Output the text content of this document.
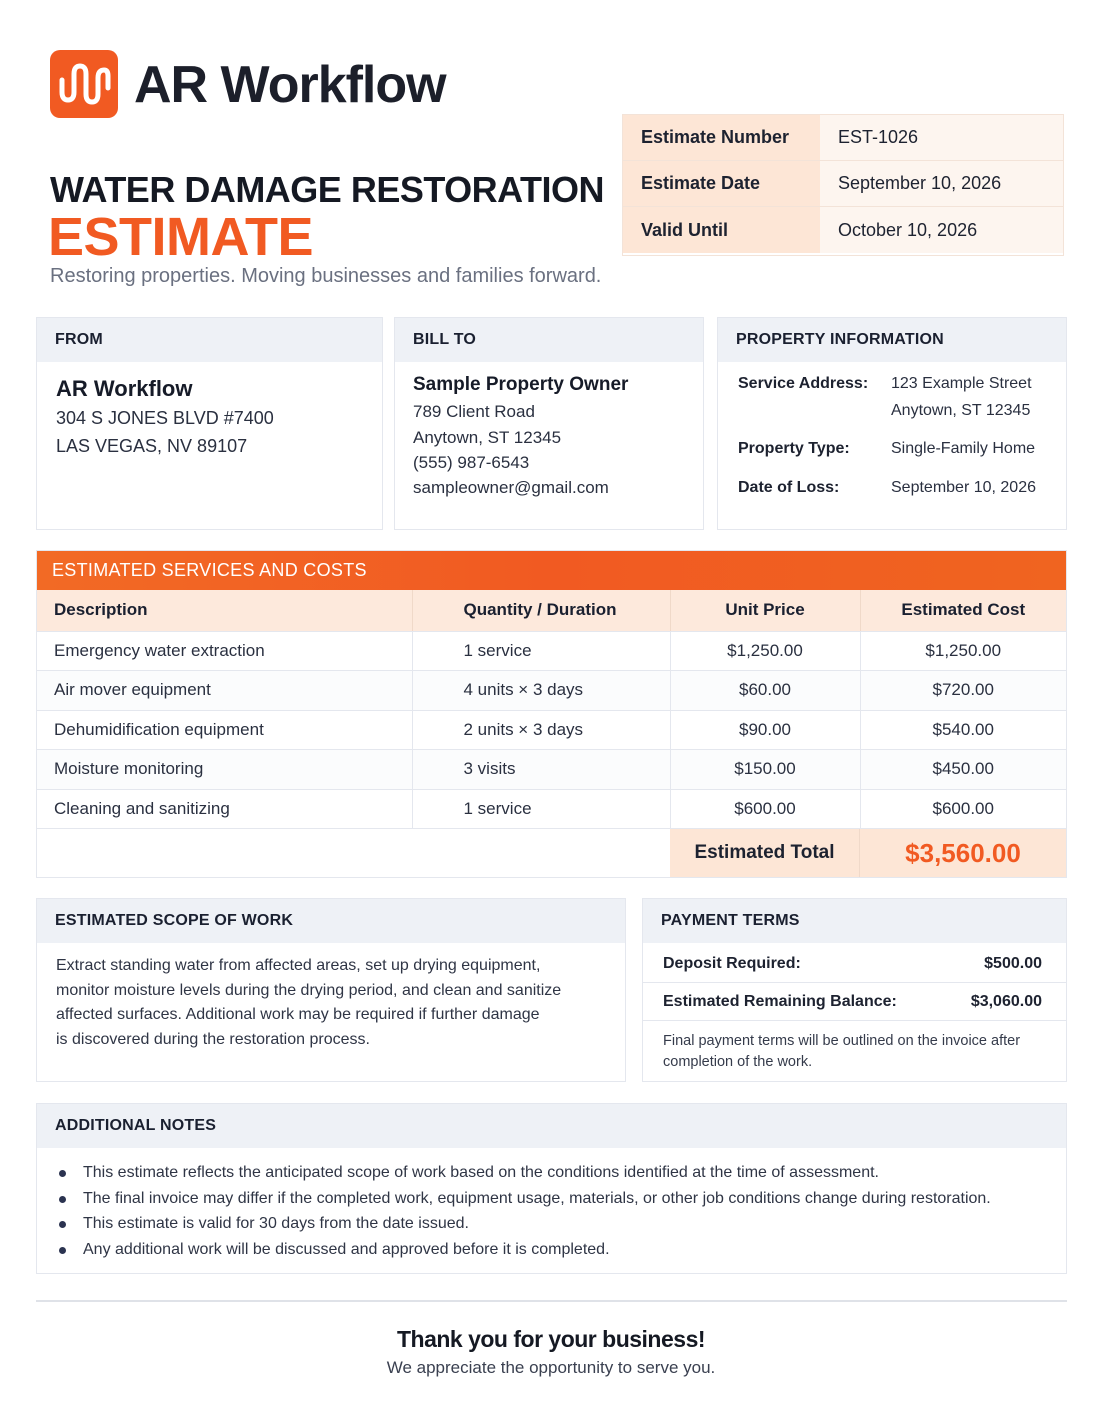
AR Workflow
WATER DAMAGE RESTORATION
ESTIMATE
Restoring properties. Moving businesses and families forward.
Estimate Number	EST-1026
Estimate Date	September 10, 2026
Valid Until	October 10, 2026
FROM
AR Workflow
304 S JONES BLVD #7400
LAS VEGAS, NV 89107
BILL TO
Sample Property Owner
789 Client Road
Anytown, ST 12345
(555) 987-6543
sampleowner@gmail.com
PROPERTY INFORMATION
Service Address: 123 Example Street
Anytown, ST 12345
Property Type:	Single-Family Home
Date of Loss:	September 10, 2026
ESTIMATED SERVICES AND COSTS
Description	Quantity / Duration	Unit Price	Estimated Cost
Emergency water extraction	1 service	$1,250.00	$1,250.00
Air mover equipment	4 units × 3 days	$60.00	$720.00
Dehumidification equipment	2 units × 3 days	$90.00	$540.00
Moisture monitoring	3 visits	$150.00	$450.00
Cleaning and sanitizing	1 service	$600.00	$600.00
Estimated Total	$3,560.00
ESTIMATED SCOPE OF WORK
Extract standing water from affected areas, set up drying equipment,
monitor moisture levels during the drying period, and clean and sanitize
affected surfaces. Additional work may be required if further damage
is discovered during the restoration process.
PAYMENT TERMS
Deposit Required:	$500.00
Estimated Remaining Balance:	$3,060.00
Final payment terms will be outlined on the invoice after completion of the work.
ADDITIONAL NOTES
This estimate reflects the anticipated scope of work based on the conditions identified at the time of assessment.
The final invoice may differ if the completed work, equipment usage, materials, or other job conditions change during restoration.
This estimate is valid for 30 days from the date issued.
Any additional work will be discussed and approved before it is completed.
Thank you for your business!
We appreciate the opportunity to serve you.
